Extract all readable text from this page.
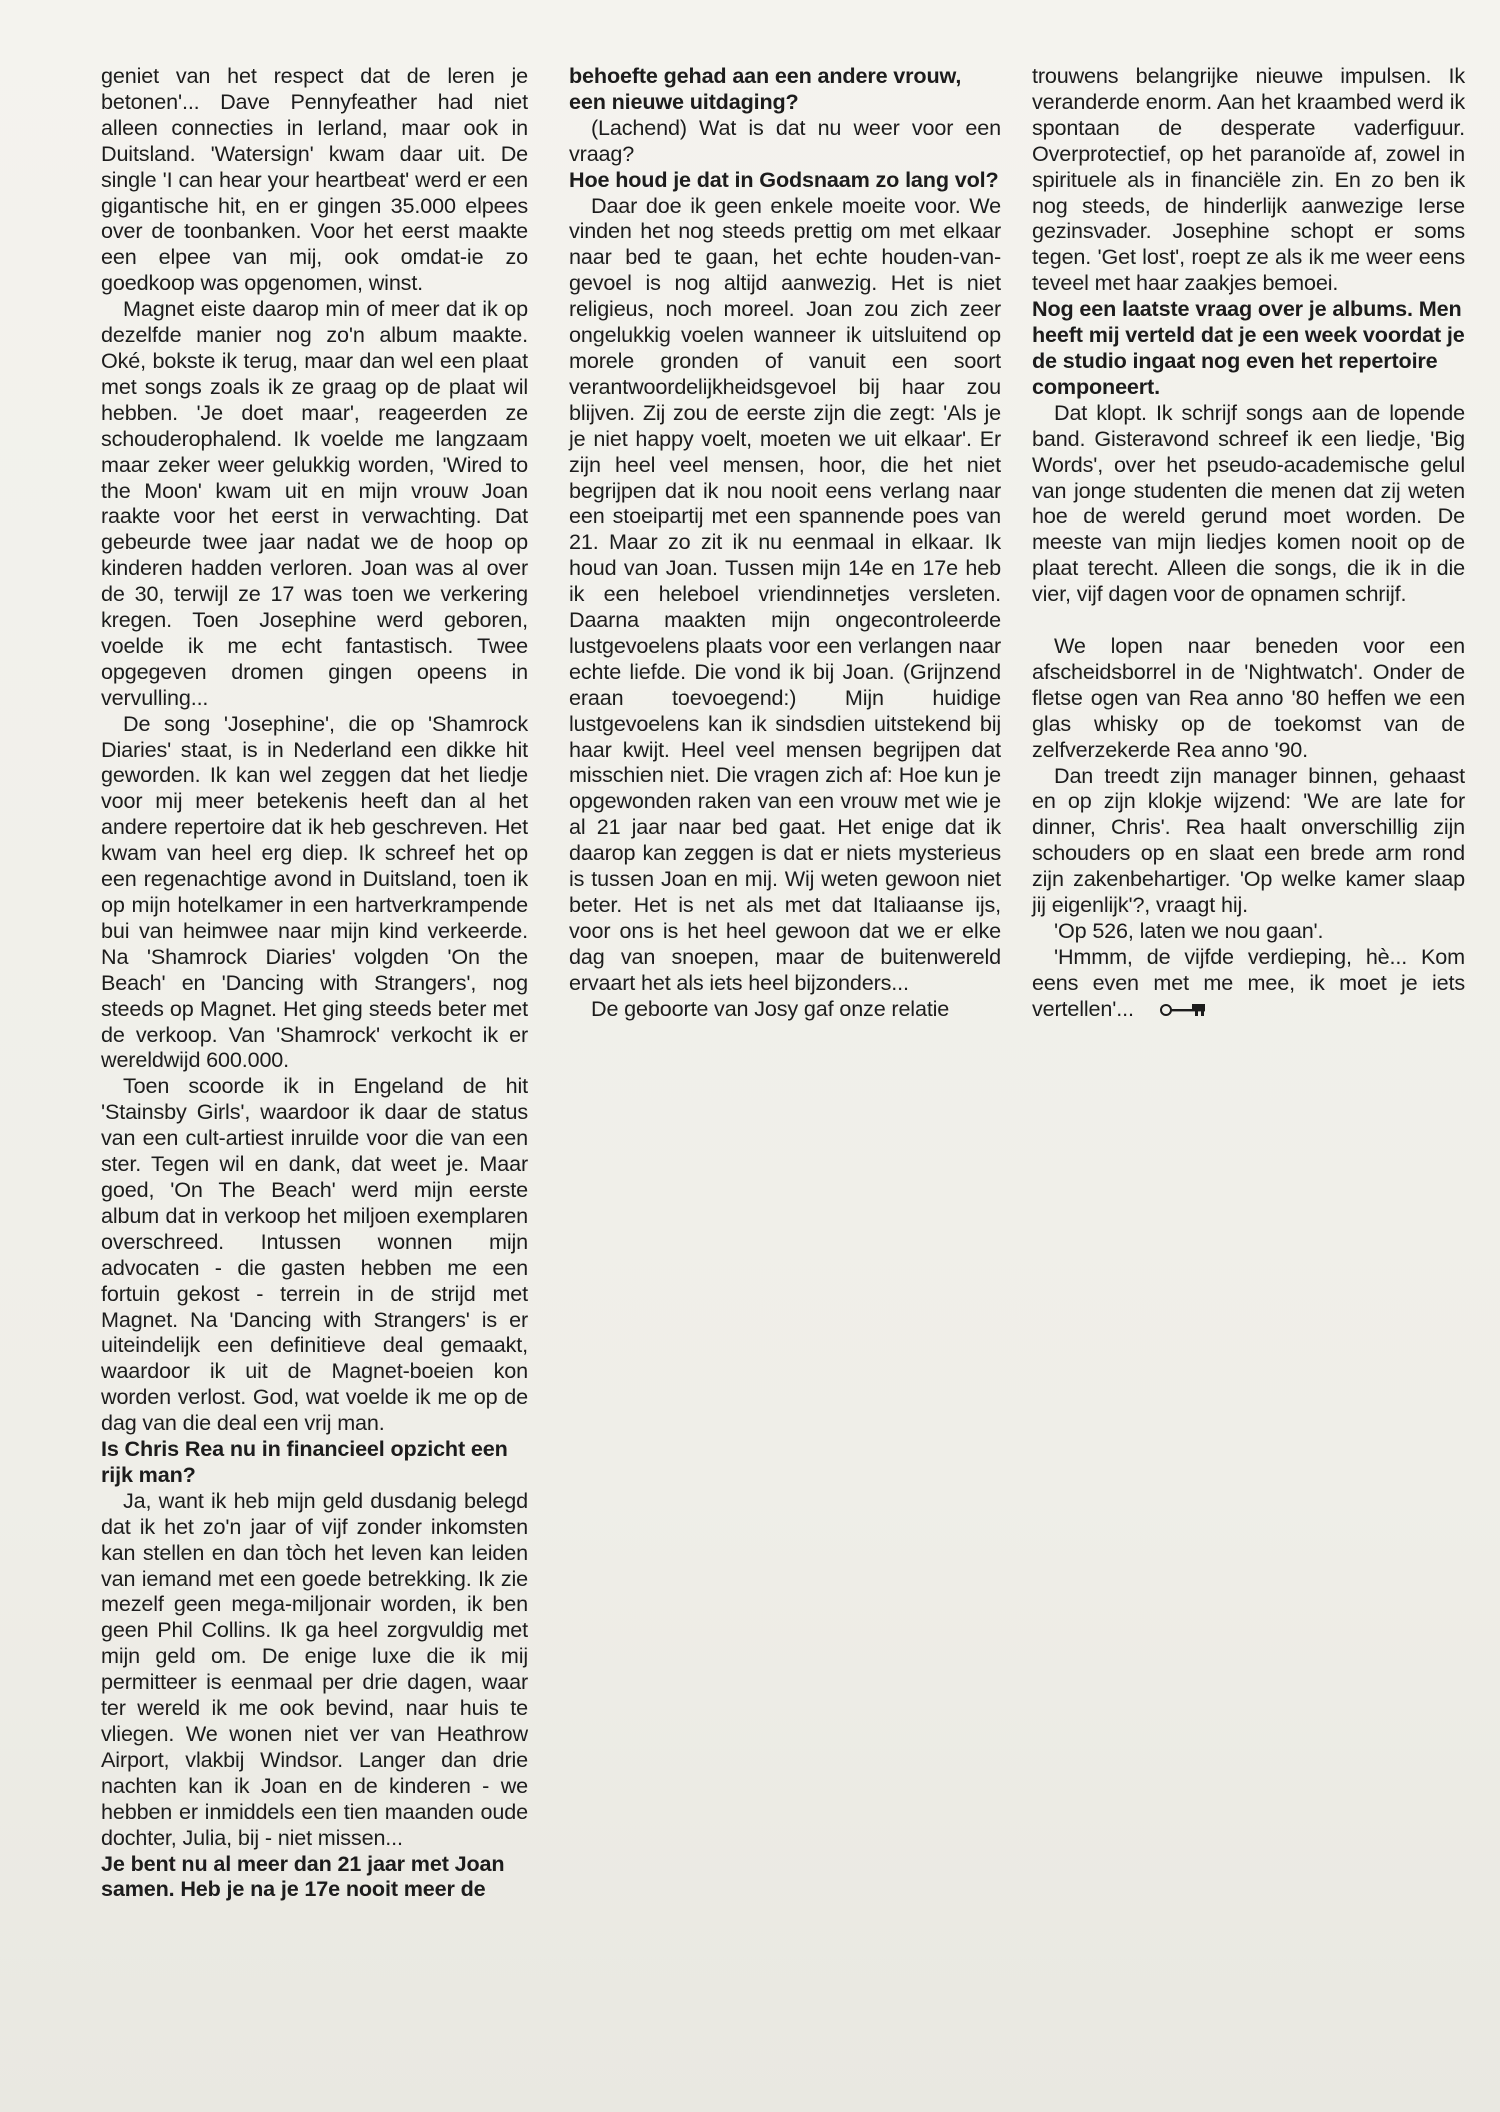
geniet van het respect dat de leren je betonen'... Dave Pennyfeather had niet alleen connecties in Ierland, maar ook in Duitsland. 'Watersign' kwam daar uit. De single 'I can hear your heartbeat' werd er een gigantische hit, en er gingen 35.000 elpees over de toonbanken. Voor het eerst maakte een elpee van mij, ook omdat-ie zo goedkoop was opgenomen, winst.

Magnet eiste daarop min of meer dat ik op dezelfde manier nog zo'n album maakte. Oké, bokste ik terug, maar dan wel een plaat met songs zoals ik ze graag op de plaat wil hebben. 'Je doet maar', reageerden ze schouderophalend. Ik voelde me langzaam maar zeker weer gelukkig worden, 'Wired to the Moon' kwam uit en mijn vrouw Joan raakte voor het eerst in verwachting. Dat gebeurde twee jaar nadat we de hoop op kinderen hadden verloren. Joan was al over de 30, terwijl ze 17 was toen we verkering kregen. Toen Josephine werd geboren, voelde ik me echt fantastisch. Twee opgegeven dromen gingen opeens in vervulling...

De song 'Josephine', die op 'Shamrock Diaries' staat, is in Nederland een dikke hit geworden. Ik kan wel zeggen dat het liedje voor mij meer betekenis heeft dan al het andere repertoire dat ik heb geschreven. Het kwam van heel erg diep. Ik schreef het op een regenachtige avond in Duitsland, toen ik op mijn hotelkamer in een hartverkrampende bui van heimwee naar mijn kind verkeerde. Na 'Shamrock Diaries' volgden 'On the Beach' en 'Dancing with Strangers', nog steeds op Magnet. Het ging steeds beter met de verkoop. Van 'Shamrock' verkocht ik er wereldwijd 600.000.

Toen scoorde ik in Engeland de hit 'Stainsby Girls', waardoor ik daar de status van een cult-artiest inruilde voor die van een ster. Tegen wil en dank, dat weet je. Maar goed, 'On The Beach' werd mijn eerste album dat in verkoop het miljoen exemplaren overschreed. Intussen wonnen mijn advocaten - die gasten hebben me een fortuin gekost - terrein in de strijd met Magnet. Na 'Dancing with Strangers' is er uiteindelijk een definitieve deal gemaakt, waardoor ik uit de Magnet-boeien kon worden verlost. God, wat voelde ik me op de dag van die deal een vrij man.

Is Chris Rea nu in financieel opzicht een rijk man?

Ja, want ik heb mijn geld dusdanig belegd dat ik het zo'n jaar of vijf zonder inkomsten kan stellen en dan tòch het leven kan leiden van iemand met een goede betrekking. Ik zie mezelf geen mega-miljonair worden, ik ben geen Phil Collins. Ik ga heel zorgvuldig met mijn geld om. De enige luxe die ik mij permitteer is eenmaal per drie dagen, waar ter wereld ik me ook bevind, naar huis te vliegen. We wonen niet ver van Heathrow Airport, vlakbij Windsor. Langer dan drie nachten kan ik Joan en de kinderen - we hebben er inmiddels een tien maanden oude dochter, Julia, bij - niet missen...

Je bent nu al meer dan 21 jaar met Joan samen. Heb je na je 17e nooit meer de

behoefte gehad aan een andere vrouw, een nieuwe uitdaging?

(Lachend) Wat is dat nu weer voor een vraag?

Hoe houd je dat in Godsnaam zo lang vol?

Daar doe ik geen enkele moeite voor. We vinden het nog steeds prettig om met elkaar naar bed te gaan, het echte houden-van- gevoel is nog altijd aanwezig. Het is niet religieus, noch moreel. Joan zou zich zeer ongelukkig voelen wanneer ik uitsluitend op morele gronden of vanuit een soort verantwoordelijkheidsgevoel bij haar zou blijven. Zij zou de eerste zijn die zegt: 'Als je je niet happy voelt, moeten we uit elkaar'. Er zijn heel veel mensen, hoor, die het niet begrijpen dat ik nou nooit eens verlang naar een stoeipartij met een spannende poes van 21. Maar zo zit ik nu eenmaal in elkaar. Ik houd van Joan. Tussen mijn 14e en 17e heb ik een heleboel vriendinnetjes versleten. Daarna maakten mijn ongecontroleerde lustgevoelens plaats voor een verlangen naar echte liefde. Die vond ik bij Joan. (Grijnzend eraan toevoegend:) Mijn huidige lustgevoelens kan ik sindsdien uitstekend bij haar kwijt. Heel veel mensen begrijpen dat misschien niet. Die vragen zich af: Hoe kun je opgewonden raken van een vrouw met wie je al 21 jaar naar bed gaat. Het enige dat ik daarop kan zeggen is dat er niets mysterieus is tussen Joan en mij. Wij weten gewoon niet beter. Het is net als met dat Italiaanse ijs, voor ons is het heel gewoon dat we er elke dag van snoepen, maar de buitenwereld ervaart het als iets heel bijzonders...

De geboorte van Josy gaf onze relatie

trouwens belangrijke nieuwe impulsen. Ik veranderde enorm. Aan het kraambed werd ik spontaan de desperate vaderfiguur. Overprotectief, op het paranoïde af, zowel in spirituele als in financiële zin. En zo ben ik nog steeds, de hinderlijk aanwezige Ierse gezinsvader. Josephine schopt er soms tegen. 'Get lost', roept ze als ik me weer eens teveel met haar zaakjes bemoei.

Nog een laatste vraag over je albums. Men heeft mij verteld dat je een week voordat je de studio ingaat nog even het repertoire componeert.

Dat klopt. Ik schrijf songs aan de lopende band. Gisteravond schreef ik een liedje, 'Big Words', over het pseudo-academische gelul van jonge studenten die menen dat zij weten hoe de wereld gerund moet worden. De meeste van mijn liedjes komen nooit op de plaat terecht. Alleen die songs, die ik in die vier, vijf dagen voor de opnamen schrijf.

We lopen naar beneden voor een afscheidsborrel in de 'Nightwatch'. Onder de fletse ogen van Rea anno '80 heffen we een glas whisky op de toekomst van de zelfverzekerde Rea anno '90.

Dan treedt zijn manager binnen, gehaast en op zijn klokje wijzend: 'We are late for dinner, Chris'. Rea haalt onverschillig zijn schouders op en slaat een brede arm rond zijn zakenbehartiger. 'Op welke kamer slaap jij eigenlijk'?, vraagt hij.

'Op 526, laten we nou gaan'.

'Hmmm, de vijfde verdieping, hè... Kom eens even met me mee, ik moet je iets vertellen'...
